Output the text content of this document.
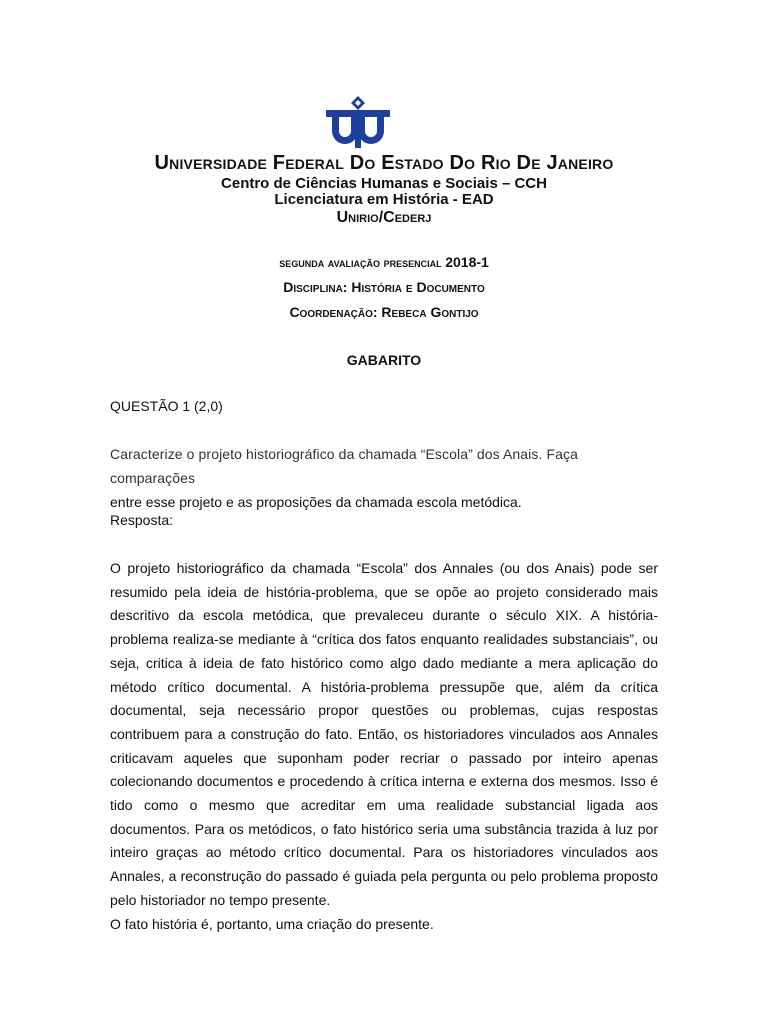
Universidade Federal Do Estado Do Rio De Janeiro
Centro de Ciências Humanas e Sociais – CCH
Licenciatura em História - EAD
Unirio/Cederj
segunda avaliação presencial 2018-1
Disciplina: História e Documento
Coordenação: Rebeca Gontijo
GABARITO
QUESTÃO 1 (2,0)
Caracterize o projeto historiográfico da chamada “Escola” dos Anais. Faça comparações
entre esse projeto e as proposições da chamada escola metódica.
Resposta:

O projeto historiográfico da chamada “Escola” dos Annales (ou dos Anais) pode ser resumido pela ideia de história-problema, que se opõe ao projeto considerado mais descritivo da escola metódica, que prevaleceu durante o século XIX. A história-problema realiza-se mediante à “crítica dos fatos enquanto realidades substanciais”, ou seja, critica à ideia de fato histórico como algo dado mediante a mera aplicação do método crítico documental. A história-problema pressupõe que, além da crítica documental, seja necessário propor questões ou problemas, cujas respostas contribuem para a construção do fato. Então, os historiadores vinculados aos Annales criticavam aqueles que suponham poder recriar o passado por inteiro apenas colecionando documentos e procedendo à crítica interna e externa dos mesmos. Isso é tido como o mesmo que acreditar em uma realidade substancial ligada aos documentos. Para os metódicos, o fato histórico seria uma substância trazida à luz por inteiro graças ao método crítico documental. Para os historiadores vinculados aos Annales, a reconstrução do passado é guiada pela pergunta ou pelo problema proposto pelo historiador no tempo presente.

O fato história é, portanto, uma criação do presente.
